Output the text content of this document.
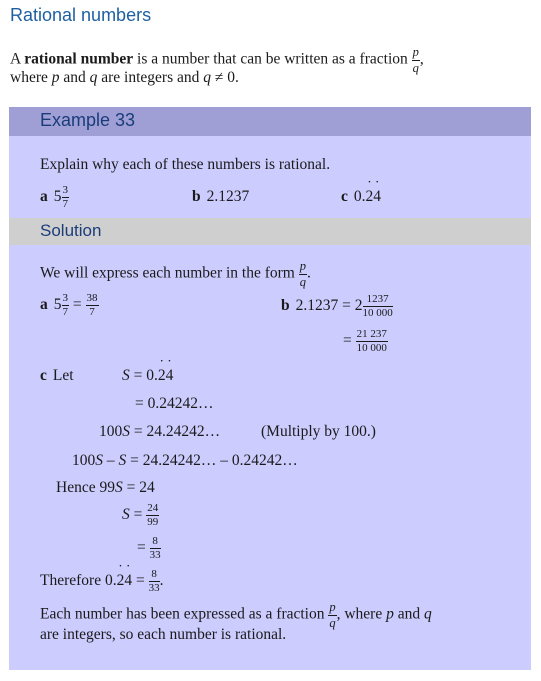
Rational numbers
A rational number is a number that can be written as a fraction $\frac{p}{q}$ ,
where p and q are integers and q ≠ 0.
Example 33
Explain why each of these numbers is rational.
a $5 \frac{3}{7}$	b 2.1237	c 0.˙ 2˙ 4
Solution
We will express each number in the form $\frac{p}{q}$ .
a $5 \frac{3}{7} = \frac{38}{7}$	b $2.1237 = 2 \frac{1237}{10 000}$
= $\frac{21 237}{10 000}$
c Let	S = 0.˙ 2˙ 4
= 0.24242…
100S = 24.24242…	(Multiply by 100.)
100S – S = 24.24242… – 0.24242…
Hence 99S = 24
$S = \frac{24}{99}$
= $\frac{8}{33}$
Therefore 0.˙ 2˙ $4 = \frac{8}{33}$ .
Each number has been expressed as a fraction $\frac{p}{q}$ , where p and q
are integers, so each number is rational.
